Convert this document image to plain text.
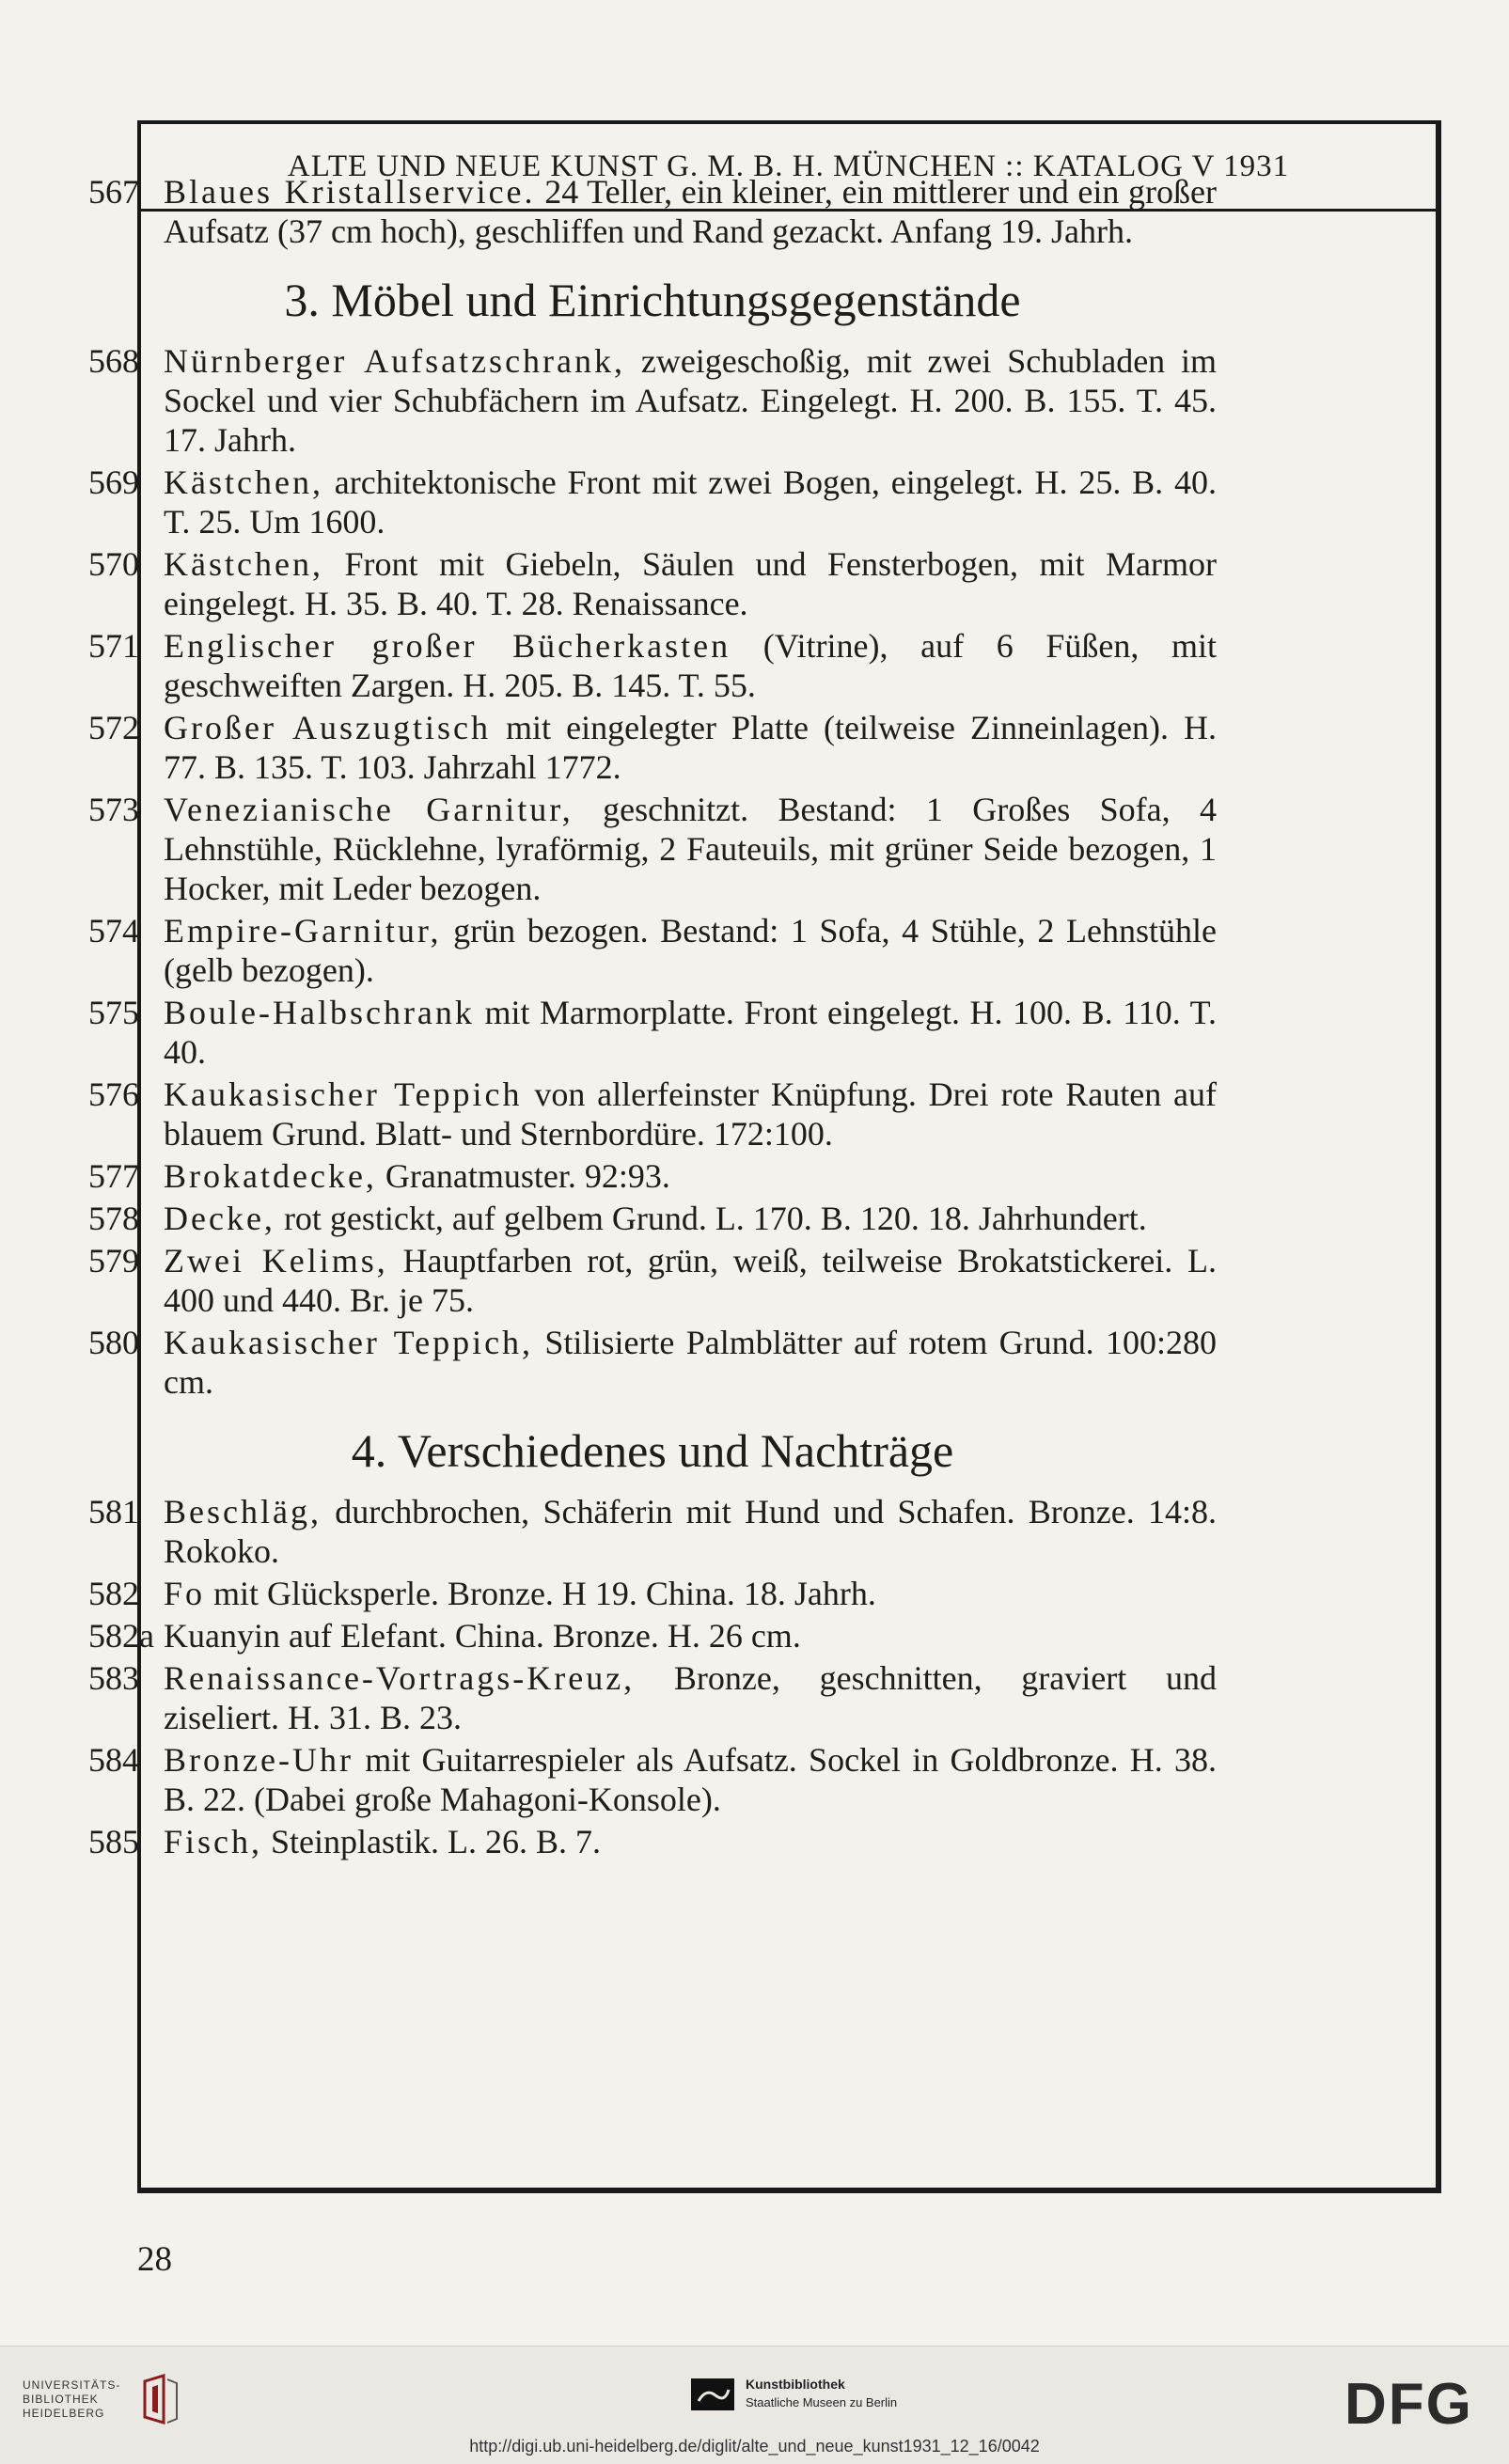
ALTE UND NEUE KUNST G. M. B. H. MÜNCHEN :: KATALOG V 1931
567 Blaues Kristallservice. 24 Teller, ein kleiner, ein mittlerer und ein großer Aufsatz (37 cm hoch), geschliffen und Rand gezackt. Anfang 19. Jahrh.
3. Möbel und Einrichtungsgegenstände
568 Nürnberger Aufsatzschrank, zweigeschoßig, mit zwei Schubladen im Sockel und vier Schubfächern im Aufsatz. Eingelegt. H. 200. B. 155. T. 45. 17. Jahrh.
569 Kästchen, architektonische Front mit zwei Bogen, eingelegt. H. 25. B. 40. T. 25. Um 1600.
570 Kästchen, Front mit Giebeln, Säulen und Fensterbogen, mit Marmor eingelegt. H. 35. B. 40. T. 28. Renaissance.
571 Englischer großer Bücherkasten (Vitrine), auf 6 Füßen, mit geschweiften Zargen. H. 205. B. 145. T. 55.
572 Großer Auszugtisch mit eingelegter Platte (teilweise Zinneinlagen). H. 77. B. 135. T. 103. Jahrzahl 1772.
573 Venezianische Garnitur, geschnitzt. Bestand: 1 Großes Sofa, 4 Lehnstühle, Rücklehne, lyraförmig, 2 Fauteuils, mit grüner Seide bezogen, 1 Hocker, mit Leder bezogen.
574 Empire-Garnitur, grün bezogen. Bestand: 1 Sofa, 4 Stühle, 2 Lehnstühle (gelb bezogen).
575 Boule-Halbschrank mit Marmorplatte. Front eingelegt. H. 100. B. 110. T. 40.
576 Kaukasischer Teppich von allerfeinster Knüpfung. Drei rote Rauten auf blauem Grund. Blatt- und Sternbordüre. 172:100.
577 Brokatdecke, Granatmuster. 92:93.
578 Decke, rot gestickt, auf gelbem Grund. L. 170. B. 120. 18. Jahrhundert.
579 Zwei Kelims, Hauptfarben rot, grün, weiß, teilweise Brokatstickerei. L. 400 und 440. Br. je 75.
580 Kaukasischer Teppich, Stilisierte Palmblätter auf rotem Grund. 100:280 cm.
4. Verschiedenes und Nachträge
581 Beschläg, durchbrochen, Schäferin mit Hund und Schafen. Bronze. 14:8. Rokoko.
582 Fo mit Glücksperle. Bronze. H 19. China. 18. Jahrh.
582a Kuanyin auf Elefant. China. Bronze. H. 26 cm.
583 Renaissance-Vortrags-Kreuz, Bronze, geschnitten, graviert und ziseliert. H. 31. B. 23.
584 Bronze-Uhr mit Guitarrespieler als Aufsatz. Sockel in Goldbronze. H. 38. B. 22. (Dabei große Mahagoni-Konsole).
585 Fisch, Steinplastik. L. 26. B. 7.
28
UNIVERSITÄTS-
BIBLIOTHEK
HEIDELBERG
Kunstbibliothek
Staatliche Museen zu Berlin	DFG
http://digi.ub.uni-heidelberg.de/diglit/alte_und_neue_kunst1931_12_16/0042
